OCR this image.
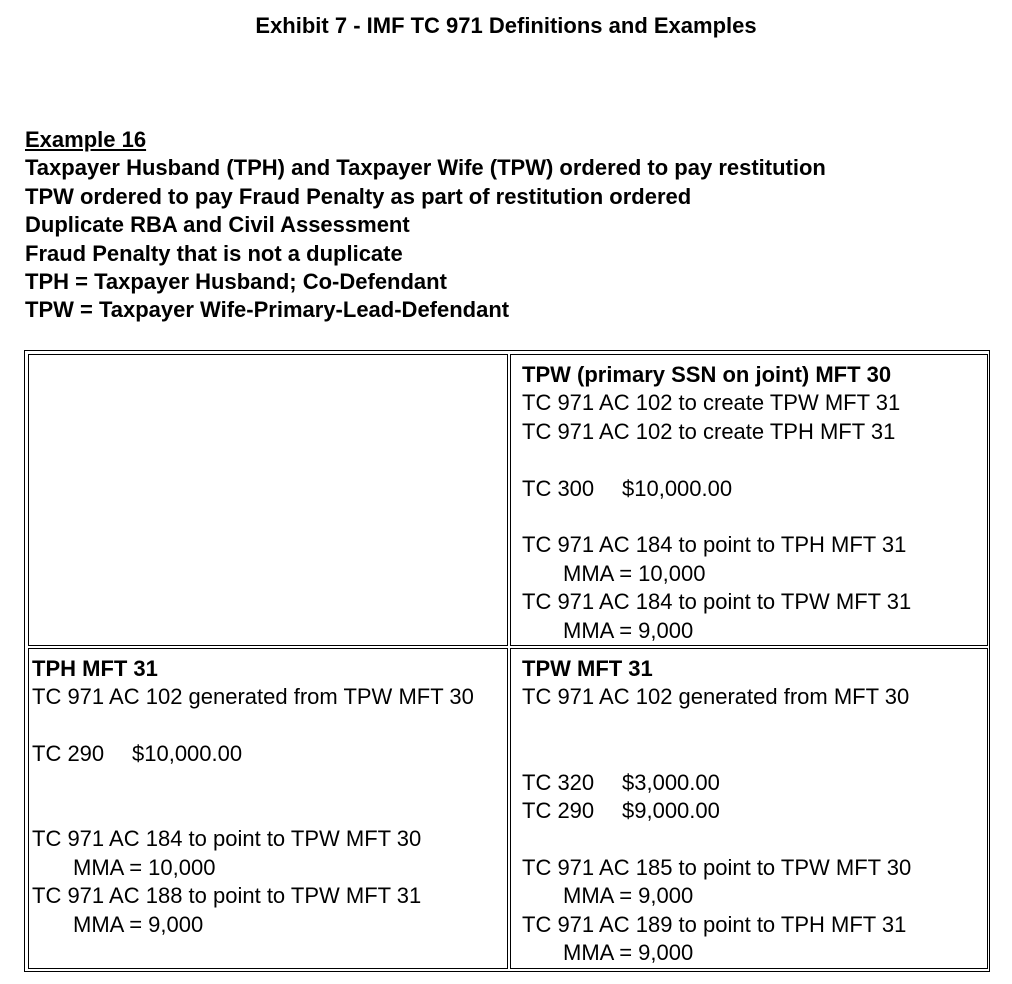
Exhibit 7 - IMF TC 971 Definitions and Examples
Example 16
Taxpayer Husband (TPH) and Taxpayer Wife (TPW) ordered to pay restitution
TPW ordered to pay Fraud Penalty as part of restitution ordered
Duplicate RBA and Civil Assessment
Fraud Penalty that is not a duplicate
TPH = Taxpayer Husband; Co-Defendant
TPW = Taxpayer Wife-Primary-Lead-Defendant
TPW (primary SSN on joint) MFT 30
TC 971 AC 102 to create TPW MFT 31
TC 971 AC 102 to create TPH MFT 31
TC 300 $10,000.00
TC 971 AC 184 to point to TPH MFT 31
MMA = 10,000
TC 971 AC 184 to point to TPW MFT 31
MMA = 9,000
TPH MFT 31
TC 971 AC 102 generated from TPW MFT 30
TC 290 $10,000.00
TC 971 AC 184 to point to TPW MFT 30
MMA = 10,000
TC 971 AC 188 to point to TPW MFT 31
MMA = 9,000
TPW MFT 31
TC 971 AC 102 generated from MFT 30
TC 320 $3,000.00
TC 290 $9,000.00
TC 971 AC 185 to point to TPW MFT 30
MMA = 9,000
TC 971 AC 189 to point to TPH MFT 31
MMA = 9,000
